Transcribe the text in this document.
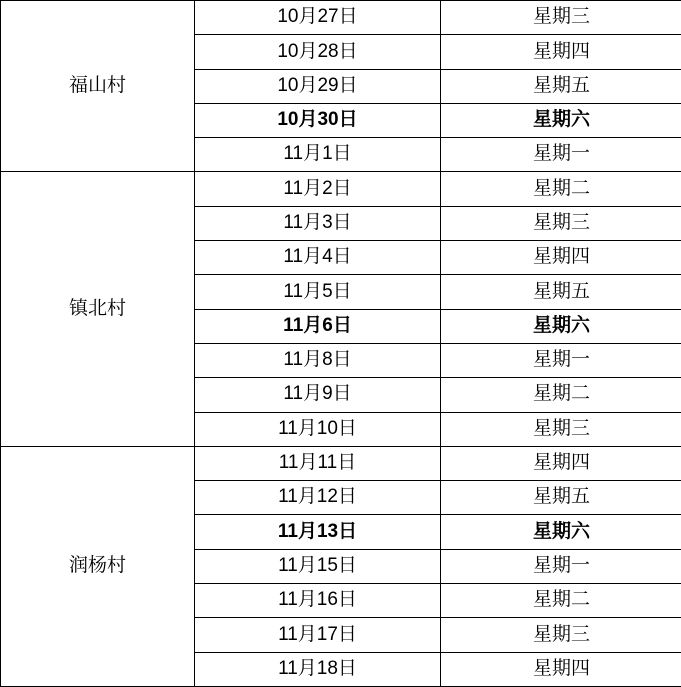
福山村	10月27日	星期三
	10月28日	星期四
	10月29日	星期五
	10月30日	星期六
	11月1日	星期一
镇北村	11月2日	星期二
	11月3日	星期三
	11月4日	星期四
	11月5日	星期五
	11月6日	星期六
	11月8日	星期一
	11月9日	星期二
	11月10日	星期三
润杨村	11月11日	星期四
	11月12日	星期五
	11月13日	星期六
	11月15日	星期一
	11月16日	星期二
	11月17日	星期三
	11月18日	星期四
